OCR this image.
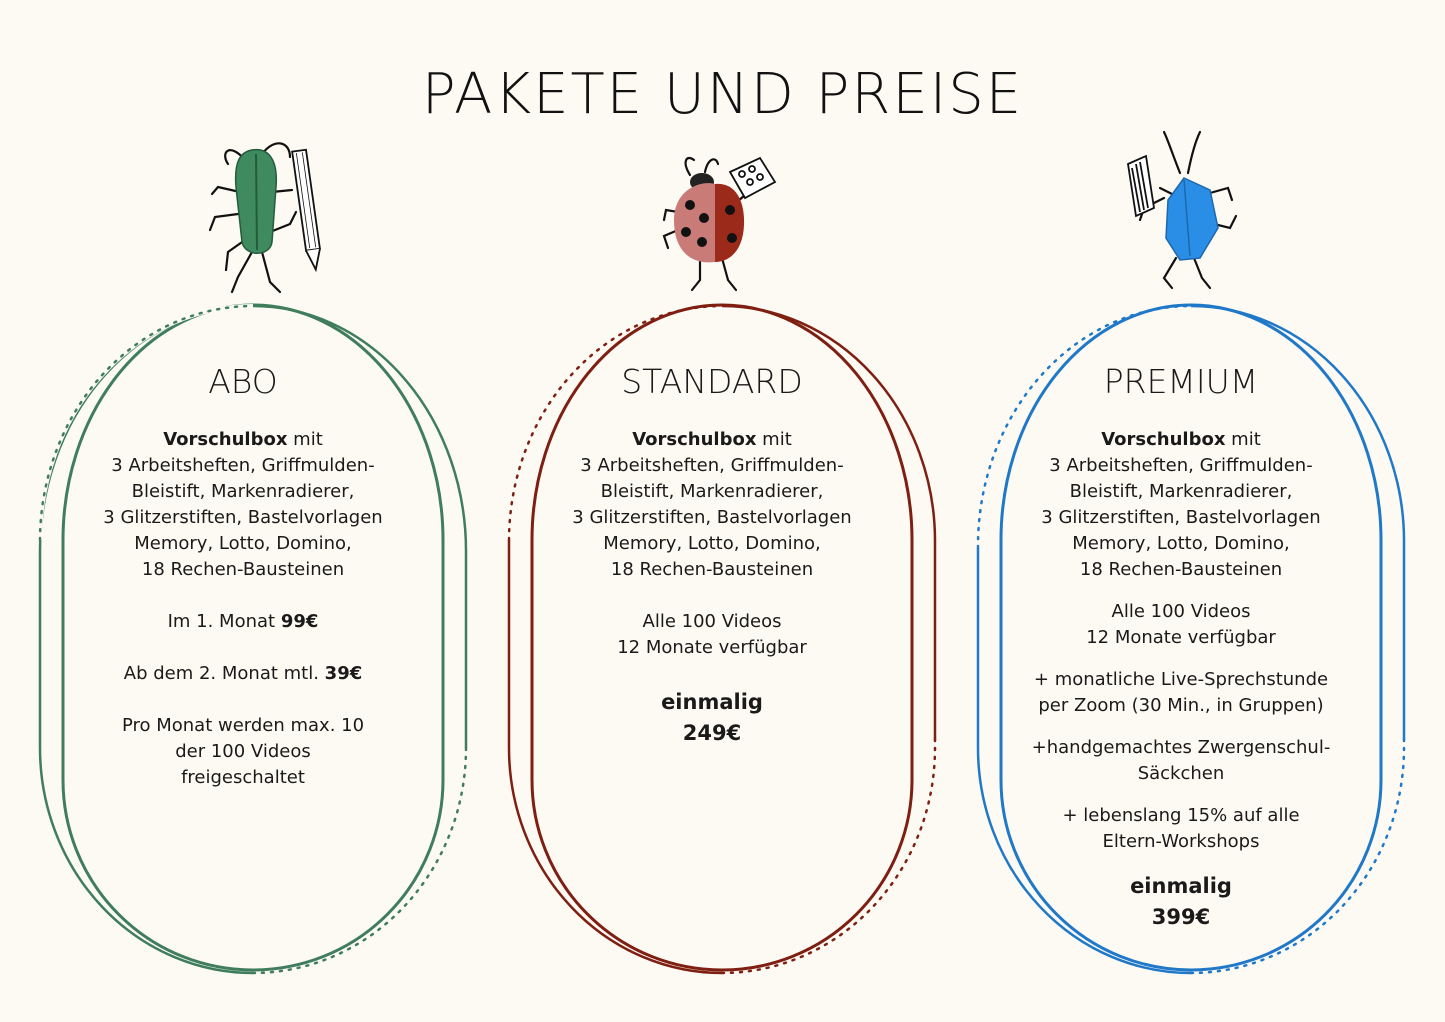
PAKETE UND PREISE
ABO
Vorschulbox mit
3 Arbeitsheften, Griffmulden-
Bleistift, Markenradierer,
3 Glitzerstiften, Bastelvorlagen
Memory, Lotto, Domino,
18 Rechen-Bausteinen
Im 1. Monat 99€
Ab dem 2. Monat mtl. 39€
Pro Monat werden max. 10
der 100 Videos
freigeschaltet
STANDARD
Vorschulbox mit
3 Arbeitsheften, Griffmulden-
Bleistift, Markenradierer,
3 Glitzerstiften, Bastelvorlagen
Memory, Lotto, Domino,
18 Rechen-Bausteinen
Alle 100 Videos
12 Monate verfügbar
einmalig
249€
PREMIUM
Vorschulbox mit
3 Arbeitsheften, Griffmulden-
Bleistift, Markenradierer,
3 Glitzerstiften, Bastelvorlagen
Memory, Lotto, Domino,
18 Rechen-Bausteinen
Alle 100 Videos
12 Monate verfügbar
+ monatliche Live-Sprechstunde
per Zoom (30 Min., in Gruppen)
+handgemachtes Zwergenschul-
Säckchen
+ lebenslang 15% auf alle
Eltern-Workshops
einmalig
399€
